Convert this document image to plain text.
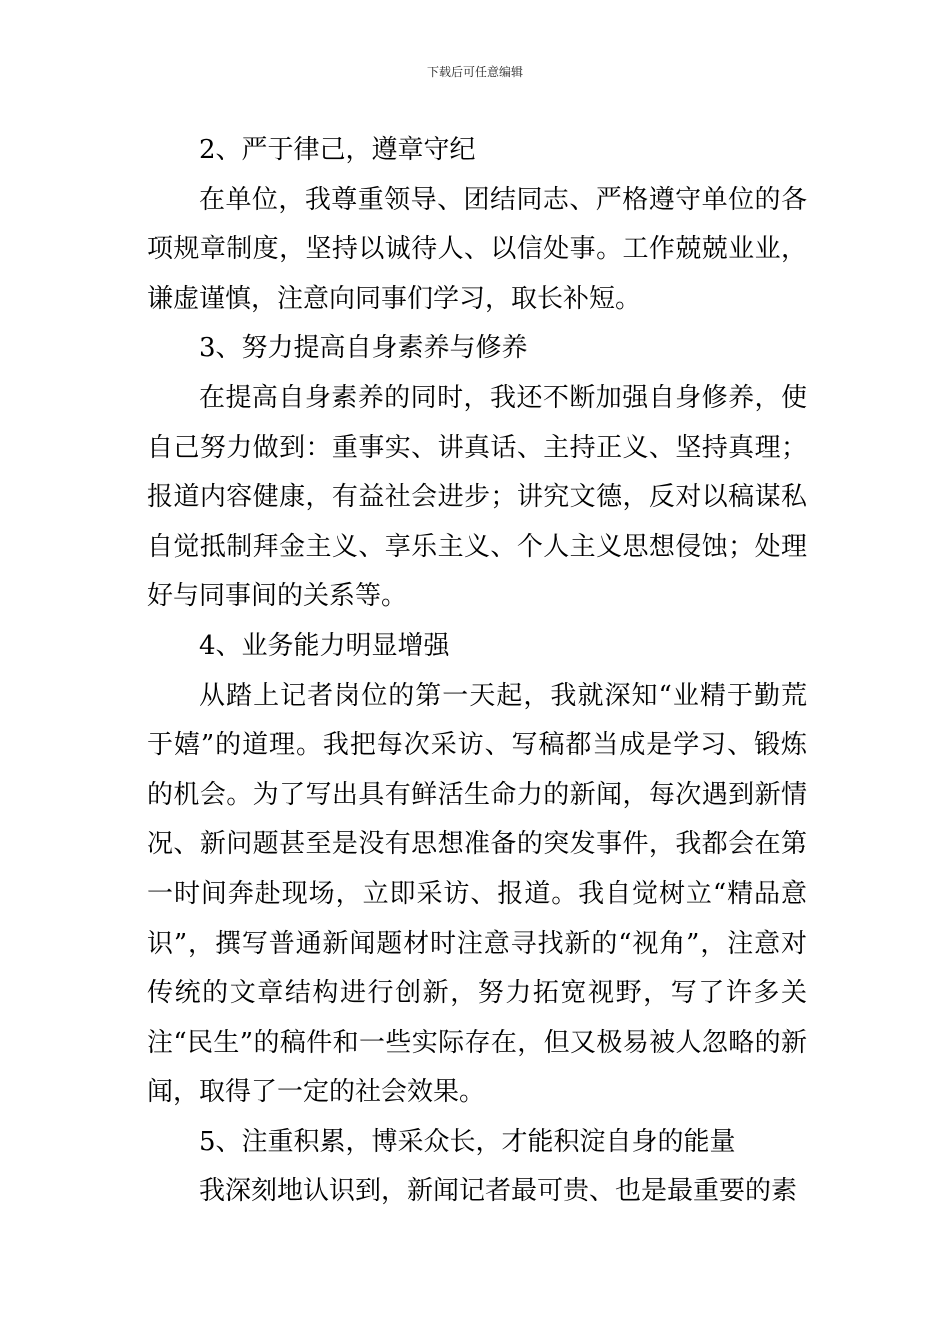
下载后可任意编辑

2、严于律己，遵章守纪

在单位，我尊重领导、团结同志、严格遵守单位的各项规章制度，坚持以诚待人、以信处事。工作兢兢业业，谦虚谨慎，注意向同事们学习，取长补短。

3、努力提高自身素养与修养

在提高自身素养的同时，我还不断加强自身修养，使自己努力做到：重事实、讲真话、主持正义、坚持真理；报道内容健康，有益社会进步；讲究文德，反对以稿谋私自觉抵制拜金主义、享乐主义、个人主义思想侵蚀；处理好与同事间的关系等。

4、业务能力明显增强

从踏上记者岗位的第一天起，我就深知“业精于勤荒于嬉”的道理。我把每次采访、写稿都当成是学习、锻炼的机会。为了写出具有鲜活生命力的新闻，每次遇到新情况、新问题甚至是没有思想准备的突发事件，我都会在第一时间奔赴现场，立即采访、报道。我自觉树立“精品意识”，撰写普通新闻题材时注意寻找新的“视角”，注意对传统的文章结构进行创新，努力拓宽视野，写了许多关注“民生”的稿件和一些实际存在，但又极易被人忽略的新闻，取得了一定的社会效果。

5、注重积累，博采众长，才能积淀自身的能量

我深刻地认识到，新闻记者最可贵、也是最重要的素
